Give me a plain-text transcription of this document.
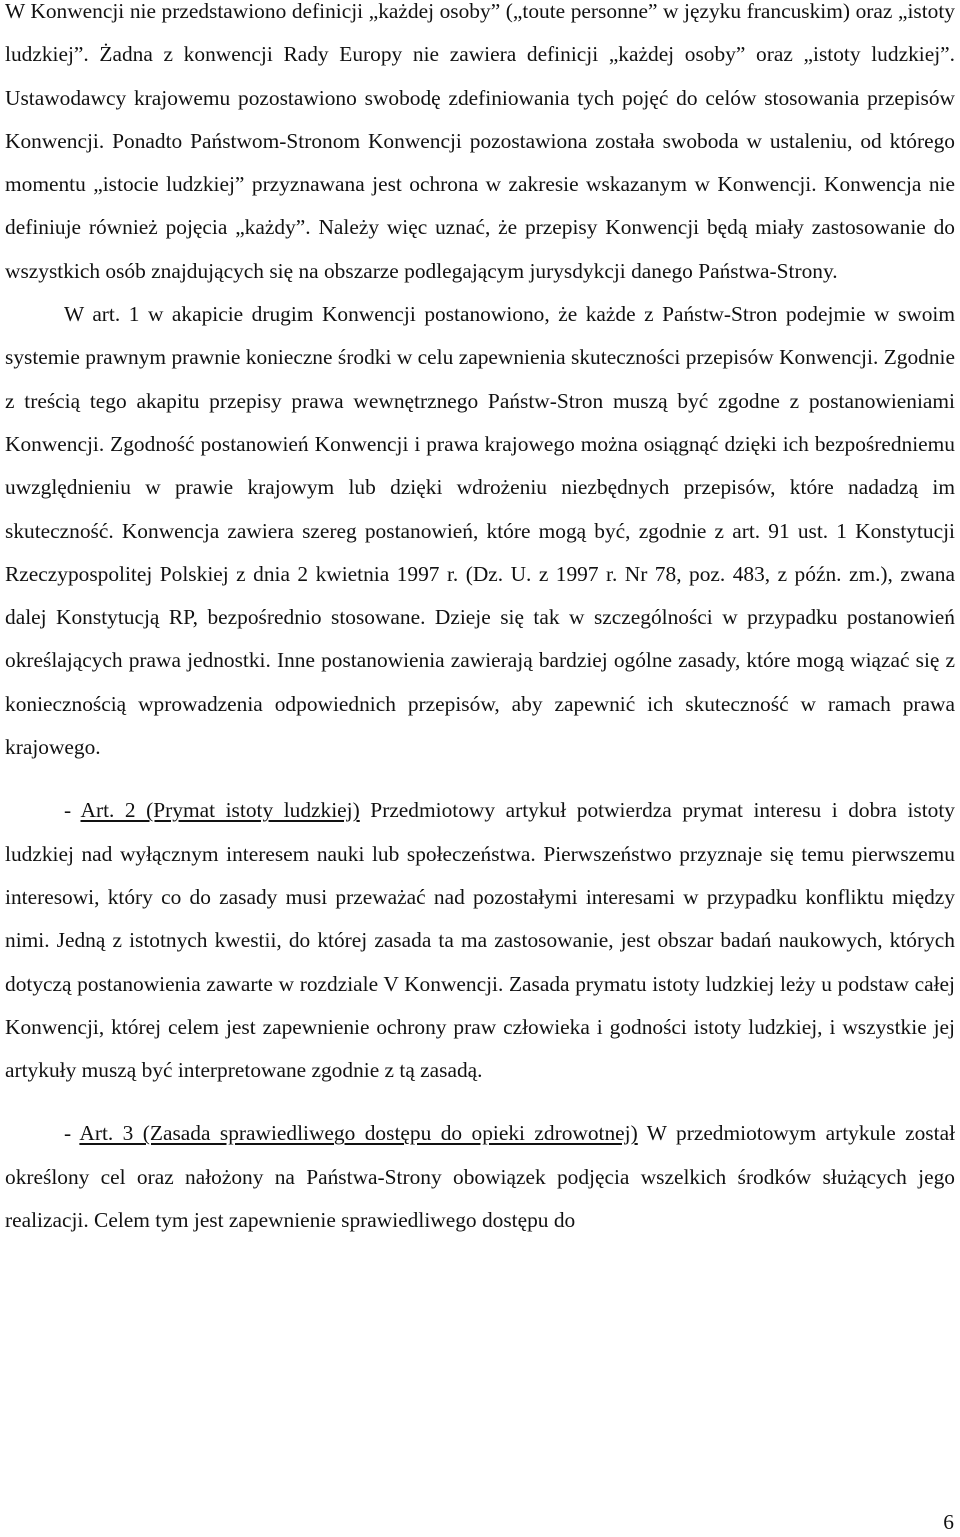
W Konwencji nie przedstawiono definicji „każdej osoby” („toute personne” w języku francuskim) oraz „istoty ludzkiej”. Żadna z konwencji Rady Europy nie zawiera definicji „każdej osoby” oraz „istoty ludzkiej”. Ustawodawcy krajowemu pozostawiono swobodę zdefiniowania tych pojęć do celów stosowania przepisów Konwencji. Ponadto Państwom-Stronom Konwencji pozostawiona została swoboda w ustaleniu, od którego momentu „istocie ludzkiej” przyznawana jest ochrona w zakresie wskazanym w Konwencji. Konwencja nie definiuje również pojęcia „każdy”. Należy więc uznać, że przepisy Konwencji będą miały zastosowanie do wszystkich osób znajdujących się na obszarze podlegającym jurysdykcji danego Państwa-Strony.

W art. 1 w akapicie drugim Konwencji postanowiono, że każde z Państw-Stron podejmie w swoim systemie prawnym prawnie konieczne środki w celu zapewnienia skuteczności przepisów Konwencji. Zgodnie z treścią tego akapitu przepisy prawa wewnętrznego Państw-Stron muszą być zgodne z postanowieniami Konwencji. Zgodność postanowień Konwencji i prawa krajowego można osiągnąć dzięki ich bezpośredniemu uwzględnieniu w prawie krajowym lub dzięki wdrożeniu niezbędnych przepisów, które nadadzą im skuteczność. Konwencja zawiera szereg postanowień, które mogą być, zgodnie z art. 91 ust. 1 Konstytucji Rzeczypospolitej Polskiej z dnia 2 kwietnia 1997 r. (Dz. U. z 1997 r. Nr 78, poz. 483, z późn. zm.), zwana dalej Konstytucją RP, bezpośrednio stosowane. Dzieje się tak w szczególności w przypadku postanowień określających prawa jednostki. Inne postanowienia zawierają bardziej ogólne zasady, które mogą wiązać się z koniecznością wprowadzenia odpowiednich przepisów, aby zapewnić ich skuteczność w ramach prawa krajowego.

- Art. 2 (Prymat istoty ludzkiej) Przedmiotowy artykuł potwierdza prymat interesu i dobra istoty ludzkiej nad wyłącznym interesem nauki lub społeczeństwa. Pierwszeństwo przyznaje się temu pierwszemu interesowi, który co do zasady musi przeważać nad pozostałymi interesami w przypadku konfliktu między nimi. Jedną z istotnych kwestii, do której zasada ta ma zastosowanie, jest obszar badań naukowych, których dotyczą postanowienia zawarte w rozdziale V Konwencji. Zasada prymatu istoty ludzkiej leży u podstaw całej Konwencji, której celem jest zapewnienie ochrony praw człowieka i godności istoty ludzkiej, i wszystkie jej artykuły muszą być interpretowane zgodnie z tą zasadą.

- Art. 3 (Zasada sprawiedliwego dostępu do opieki zdrowotnej) W przedmiotowym artykule został określony cel oraz nałożony na Państwa-Strony obowiązek podjęcia wszelkich środków służących jego realizacji. Celem tym jest zapewnienie sprawiedliwego dostępu do

6
